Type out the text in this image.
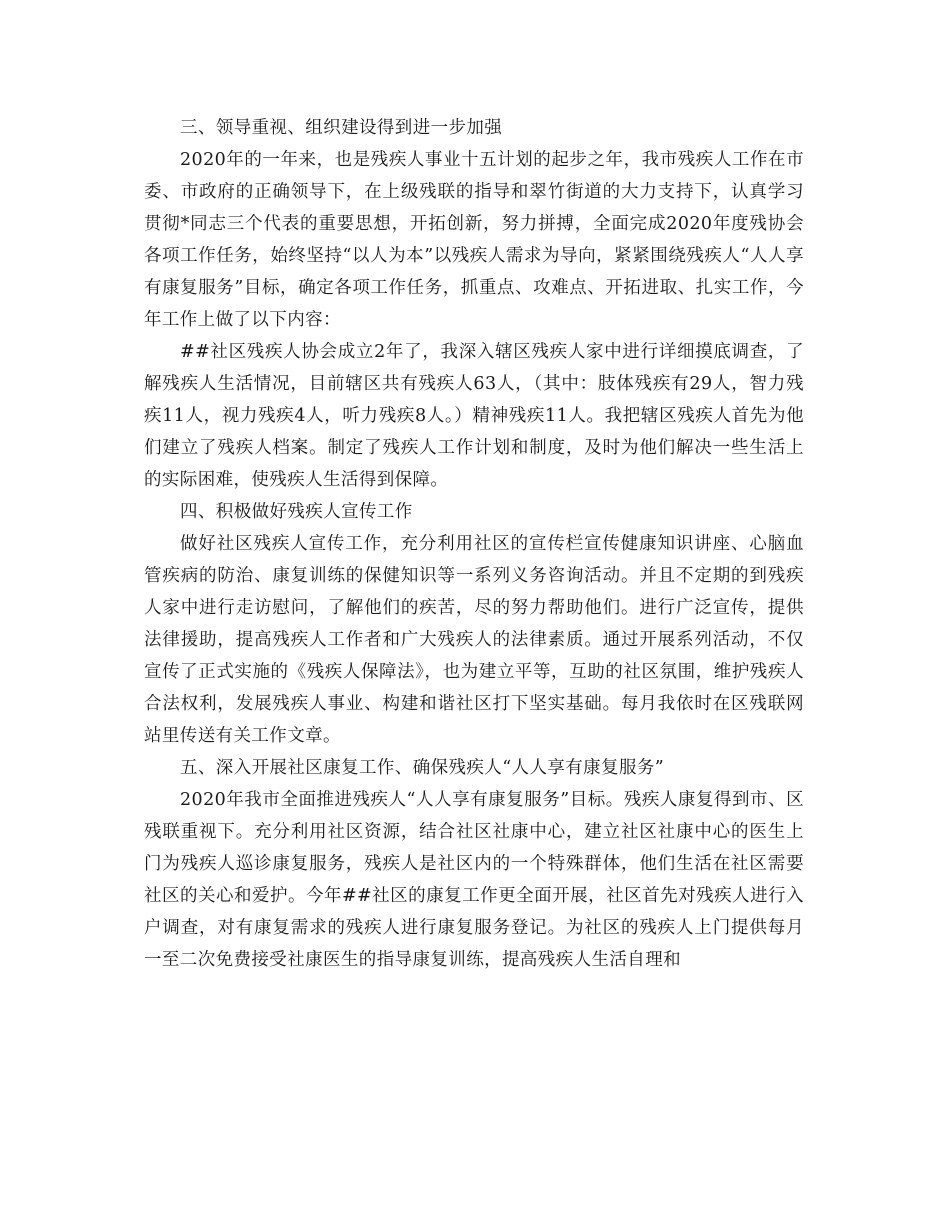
三、领导重视、组织建设得到进一步加强

2020年的一年来，也是残疾人事业十五计划的起步之年，我市残疾人工作在市委、市政府的正确领导下，在上级残联的指导和翠竹街道的大力支持下，认真学习贯彻*同志三个代表的重要思想，开拓创新，努力拼搏，全面完成2020年度残协会各项工作任务，始终坚持“以人为本”以残疾人需求为导向，紧紧围绕残疾人“人人享有康复服务”目标，确定各项工作任务，抓重点、攻难点、开拓进取、扎实工作，今年工作上做了以下内容：

##社区残疾人协会成立2年了，我深入辖区残疾人家中进行详细摸底调查，了解残疾人生活情况，目前辖区共有残疾人63人，（其中：肢体残疾有29人，智力残疾11人，视力残疾4人，听力残疾8人。）精神残疾11人。我把辖区残疾人首先为他们建立了残疾人档案。制定了残疾人工作计划和制度，及时为他们解决一些生活上的实际困难，使残疾人生活得到保障。

四、积极做好残疾人宣传工作

做好社区残疾人宣传工作，充分利用社区的宣传栏宣传健康知识讲座、心脑血管疾病的防治、康复训练的保健知识等一系列义务咨询活动。并且不定期的到残疾人家中进行走访慰问，了解他们的疾苦，尽的努力帮助他们。进行广泛宣传，提供法律援助，提高残疾人工作者和广大残疾人的法律素质。通过开展系列活动，不仅宣传了正式实施的《残疾人保障法》，也为建立平等，互助的社区氛围，维护残疾人合法权利，发展残疾人事业、构建和谐社区打下坚实基础。每月我依时在区残联网站里传送有关工作文章。

五、深入开展社区康复工作、确保残疾人“人人享有康复服务”

2020年我市全面推进残疾人“人人享有康复服务”目标。残疾人康复得到市、区残联重视下。充分利用社区资源，结合社区社康中心，建立社区社康中心的医生上门为残疾人巡诊康复服务，残疾人是社区内的一个特殊群体，他们生活在社区需要社区的关心和爱护。今年##社区的康复工作更全面开展，社区首先对残疾人进行入户调查，对有康复需求的残疾人进行康复服务登记。为社区的残疾人上门提供每月一至二次免费接受社康医生的指导康复训练，提高残疾人生活自理和
